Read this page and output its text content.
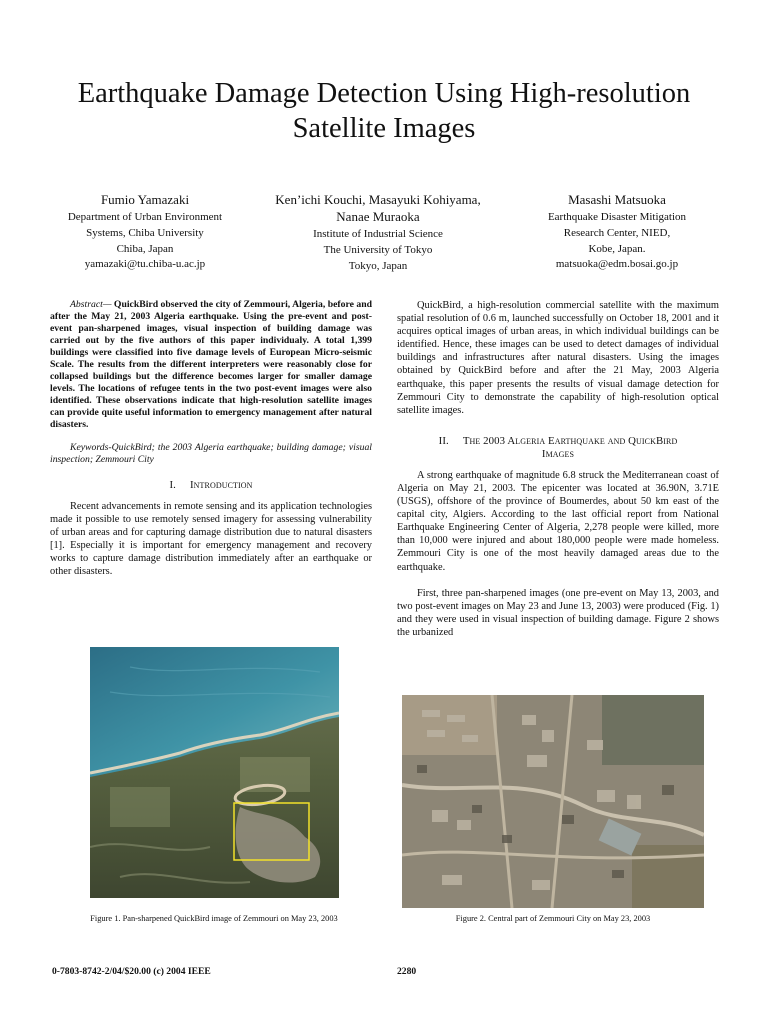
Earthquake Damage Detection Using High-resolution
Satellite Images
Fumio Yamazaki
Department of Urban Environment
Systems, Chiba University
Chiba, Japan
yamazaki@tu.chiba-u.ac.jp
Ken’ichi Kouchi, Masayuki Kohiyama,
Nanae Muraoka
Institute of Industrial Science
The University of Tokyo
Tokyo, Japan
Masashi Matsuoka
Earthquake Disaster Mitigation
Research Center, NIED,
Kobe, Japan.
matsuoka@edm.bosai.go.jp
Abstract— QuickBird observed the city of Zemmouri, Algeria, before and after the May 21, 2003 Algeria earthquake. Using the pre-event and post-event pan-sharpened images, visual inspection of building damage was carried out by the five authors of this paper individualy. A total 1,399 buildings were classified into five damage levels of European Micro-seismic Scale. The results from the different interpreters were reasonably close for collapsed buildings but the difference becomes larger for smaller damage levels. The locations of refugee tents in the two post-event images were also identified. These observations indicate that high-resolution satellite images can provide quite useful information to emergency management after natural disasters.
Keywords-QuickBird; the 2003 Algeria earthquake; building damage; visual inspection; Zemmouri City
I. Introduction

Recent advancements in remote sensing and its application technologies made it possible to use remotely sensed imagery for assessing vulnerability of urban areas and for capturing damage distribution due to natural disasters [1]. Especially it is important for emergency management and recovery works to capture damage distribution immediately after an earthquake or other disasters.

QuickBird, a high-resolution commercial satellite with the maximum spatial resolution of 0.6 m, launched successfully on October 18, 2001 and it acquires optical images of urban areas, in which individual buildings can be identified. Hence, these images can be used to detect damages of individual buildings and infrastructures after natural disasters. Using the images obtained by QuickBird before and after the 21 May, 2003 Algeria earthquake, this paper presents the results of visual damage detection for Zemmouri City to demonstrate the capability of high-resolution optical satellite images.

II. The 2003 Algeria Earthquake and QuickBird
Images

A strong earthquake of magnitude 6.8 struck the Mediterranean coast of Algeria on May 21, 2003. The epicenter was located at 36.90N, 3.71E (USGS), offshore of the province of Boumerdes, about 50 km east of the capital city, Algiers. According to the last official report from National Earthquake Engineering Center of Algeria, 2,278 people were killed, more than 10,000 were injured and about 180,000 people were made homeless. Zemmouri City is one of the most heavily damaged areas due to the earthquake.

First, three pan-sharpened images (one pre-event on May 13, 2003, and two post-event images on May 23 and June 13, 2003) were produced (Fig. 1) and they were used in visual inspection of building damage. Figure 2 shows the urbanized

Figure 1. Pan-sharpened QuickBird image of Zemmouri on May 23, 2003	Figure 2. Central part of Zemmouri City on May 23, 2003
0-7803-8742-2/04/$20.00 (c) 2004 IEEE	2280
